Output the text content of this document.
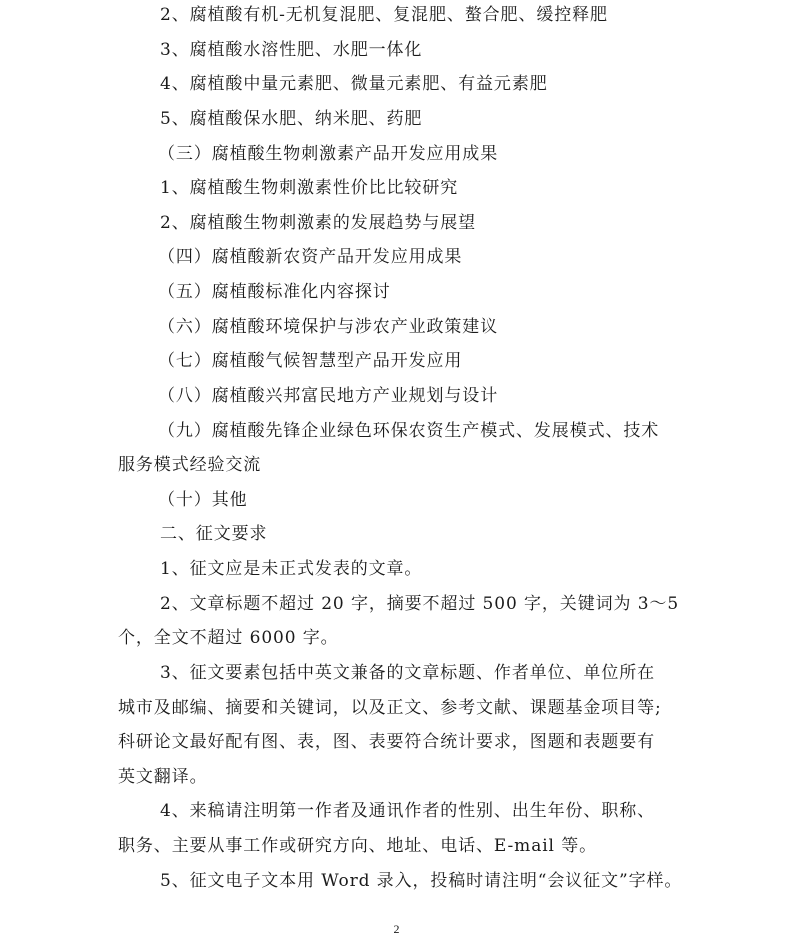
2、腐植酸有机-无机复混肥、复混肥、螯合肥、缓控释肥
3、腐植酸水溶性肥、水肥一体化
4、腐植酸中量元素肥、微量元素肥、有益元素肥
5、腐植酸保水肥、纳米肥、药肥
（三）腐植酸生物刺激素产品开发应用成果
1、腐植酸生物刺激素性价比比较研究
2、腐植酸生物刺激素的发展趋势与展望
（四）腐植酸新农资产品开发应用成果
（五）腐植酸标准化内容探讨
（六）腐植酸环境保护与涉农产业政策建议
（七）腐植酸气候智慧型产品开发应用
（八）腐植酸兴邦富民地方产业规划与设计
（九）腐植酸先锋企业绿色环保农资生产模式、发展模式、技术
服务模式经验交流
（十）其他
二、征文要求
1、征文应是未正式发表的文章。
2、文章标题不超过 20 字，摘要不超过 500 字，关键词为 3～5
个，全文不超过 6000 字。
3、征文要素包括中英文兼备的文章标题、作者单位、单位所在
城市及邮编、摘要和关键词，以及正文、参考文献、课题基金项目等;
科研论文最好配有图、表，图、表要符合统计要求，图题和表题要有
英文翻译。
4、来稿请注明第一作者及通讯作者的性别、出生年份、职称、
职务、主要从事工作或研究方向、地址、电话、E-mail 等。
5、征文电子文本用 Word 录入，投稿时请注明“会议征文”字样。
2
